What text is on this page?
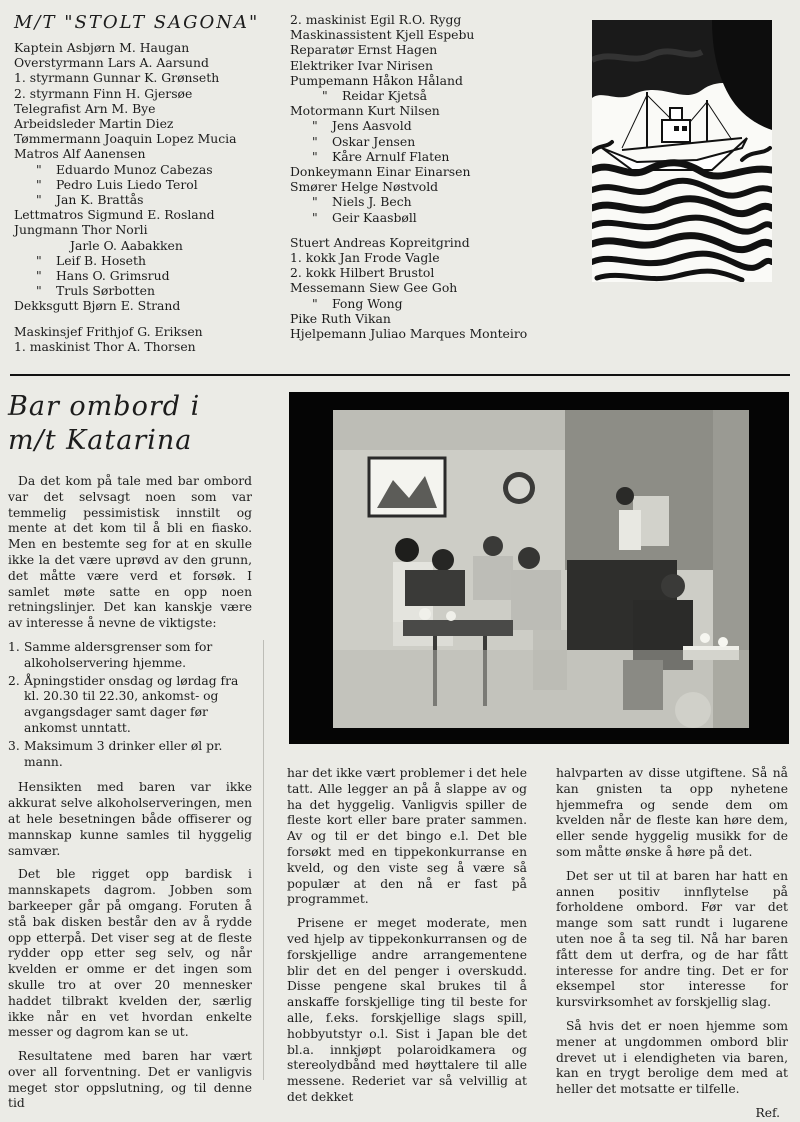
M/T "STOLT SAGONA"
Kaptein Asbjørn M. Haugan
Overstyrmann Lars A. Aarsund
1. styrmann Gunnar K. Grønseth
2. styrmann Finn H. Gjersøe
Telegrafist Arn M. Bye
Arbeidsleder Martin Diez
Tømmermann Joaquin Lopez Mucia
Matros Alf Aanensen
" Eduardo Munoz Cabezas
" Pedro Luis Liedo Terol
" Jan K. Brattås
Lettmatros Sigmund E. Rosland
Jungmann Thor Norli
Jarle O. Aabakken
" Leif B. Hoseth
" Hans O. Grimsrud
" Truls Sørbotten
Dekksgutt Bjørn E. Strand
Maskinsjef Frithjof G. Eriksen
1. maskinist Thor A. Thorsen
2. maskinist Egil R.O. Rygg
Maskinassistent Kjell Espebu
Reparatør Ernst Hagen
Elektriker Ivar Nirisen
Pumpemann Håkon Håland
" Reidar Kjetså
Motormann Kurt Nilsen
" Jens Aasvold
" Oskar Jensen
" Kåre Arnulf Flaten
Donkeymann Einar Einarsen
Smører Helge Nøstvold
" Niels J. Bech
" Geir Kaasbøll
Stuert Andreas Kopreitgrind
1. kokk Jan Frode Vagle
2. kokk Hilbert Brustol
Messemann Siew Gee Goh
" Fong Wong
Pike Ruth Vikan
Hjelpemann Juliao Marques Monteiro
Bar ombord i
m/t Katarina

Da det kom på tale med bar ombord var det selvsagt noen som var temmelig pessimistisk innstilt og mente at det kom til å bli en fiasko. Men en bestemte seg for at en skulle ikke la det være uprøvd av den grunn, det måtte være verd et forsøk. I samlet møte satte en opp noen retningslinjer. Det kan kanskje være av interesse å nevne de viktigste:

1. Samme aldersgrenser som for alkoholservering hjemme.
2. Åpningstider onsdag og lørdag fra kl. 20.30 til 22.30, ankomst- og avgangsdager samt dager før ankomst unntatt.
3. Maksimum 3 drinker eller øl pr. mann.

Hensikten med baren var ikke akkurat selve alkoholserveringen, men at hele besetningen både offiserer og mannskap kunne samles til hyggelig samvær.

Det ble rigget opp bardisk i mannskapets dagrom. Jobben som barkeeper går på omgang. Foruten å stå bak disken består den av å rydde opp etterpå. Det viser seg at de fleste rydder opp etter seg selv, og når kvelden er omme er det ingen som skulle tro at over 20 mennesker haddet tilbrakt kvelden der, særlig ikke når en vet hvordan enkelte messer og dagrom kan se ut.

Resultatene med baren har vært over all forventning. Det er vanligvis meget stor oppslutning, og til denne tid

har det ikke vært problemer i det hele tatt. Alle legger an på å slappe av og ha det hyggelig. Vanligvis spiller de fleste kort eller bare prater sammen. Av og til er det bingo e.l. Det ble forsøkt med en tippekonkurranse en kveld, og den viste seg å være så populær at den nå er fast på programmet.

Prisene er meget moderate, men ved hjelp av tippekonkurransen og de forskjellige andre arrangementene blir det en del penger i overskudd. Disse pengene skal brukes til å anskaffe forskjellige ting til beste for alle, f.eks. forskjellige slags spill, hobbyutstyr o.l. Sist i Japan ble det bl.a. innkjøpt polaroidkamera og stereolydbånd med høyttalere til alle messene. Rederiet var så velvillig at det dekket

halvparten av disse utgiftene. Så nå kan gnisten ta opp nyhetene hjemmefra og sende dem om kvelden når de fleste kan høre dem, eller sende hyggelig musikk for de som måtte ønske å høre på det.

Det ser ut til at baren har hatt en annen positiv innflytelse på forholdene ombord. Før var det mange som satt rundt i lugarene uten noe å ta seg til. Nå har baren fått dem ut derfra, og de har fått interesse for andre ting. Det er for eksempel stor interesse for kursvirksomhet av forskjellig slag.

Så hvis det er noen hjemme som mener at ungdommen ombord blir drevet ut i elendigheten via baren, kan en trygt berolige dem med at heller det motsatte er tilfelle.

Ref.
